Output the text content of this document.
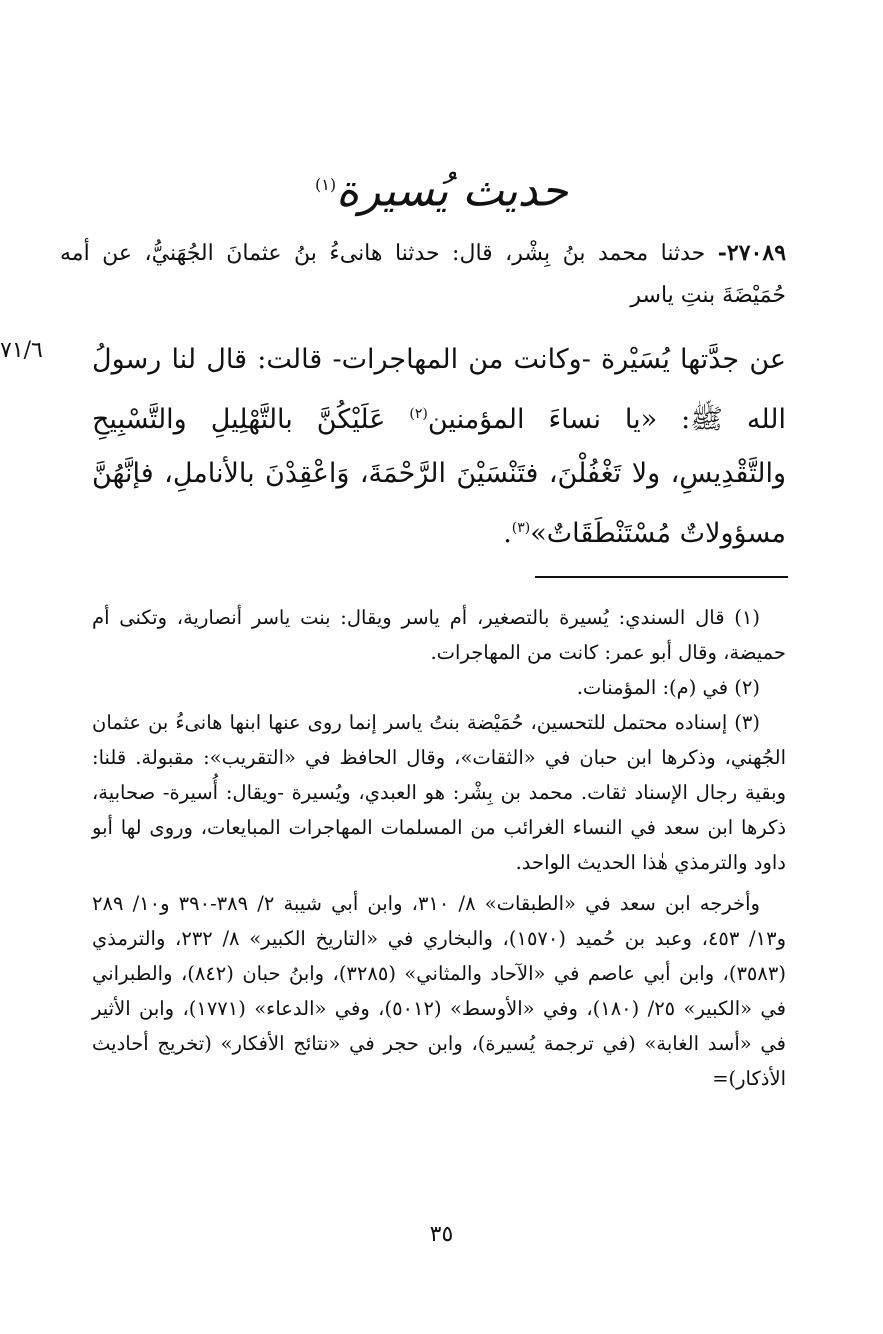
حديث يُسيرة$^{(١)}$

٢٧٠٨٩- حدثنا محمد بنُ بِشْر، قال: حدثنا هانىءُ بنُ عثمانَ الجُهَنيُّ، عن أمه حُمَيْضَةَ بنتِ ياسر

٧١/٦	عن جدَّتها يُسَيْرة -وكانت من المهاجرات- قالت: قال لنا رسولُ الله ﷺ: «يا نساءَ المؤمنين$^{(٢)}$ عَلَيْكُنَّ بالتَّهْلِيلِ والتَّسْبِيحِ والتَّقْدِيسِ، ولا تَغْفُلْنَ، فتَنْسَيْنَ الرَّحْمَةَ، وَاعْقِدْنَ بالأناملِ، فإنَّهُنَّ مسؤولاتٌ مُسْتَنْطَقَاتٌ»$^{(٣)}$.

(١) قال السندي: يُسيرة بالتصغير، أم ياسر ويقال: بنت ياسر أنصارية، وتكنى أم حميضة، وقال أبو عمر: كانت من المهاجرات.

(٢) في (م): المؤمنات.

(٣) إسناده محتمل للتحسين، حُمَيْضة بنتُ ياسر إنما روى عنها ابنها هانىءُ بن عثمان الجُهني، وذكرها ابن حبان في «الثقات»، وقال الحافظ في «التقريب»: مقبولة. قلنا: وبقية رجال الإسناد ثقات. محمد بن بِشْر: هو العبدي، ويُسيرة -ويقال: أُسيرة- صحابية، ذكرها ابن سعد في النساء الغرائب من المسلمات المهاجرات المبايعات، وروى لها أبو داود والترمذي هٰذا الحديث الواحد.

وأخرجه ابن سعد في «الطبقات» ٨/ ٣١٠، وابن أبي شيبة ٢/ ٣٨٩-٣٩٠ و١٠/ ٢٨٩ و١٣/ ٤٥٣، وعبد بن حُميد (١٥٧٠)، والبخاري في «التاريخ الكبير» ٨/ ٢٣٢، والترمذي (٣٥٨٣)، وابن أبي عاصم في «الآحاد والمثاني» (٣٢٨٥)، وابنُ حبان (٨٤٢)، والطبراني في «الكبير» ٢٥/ (١٨٠)، وفي «الأوسط» (٥٠١٢)، وفي «الدعاء» (١٧٧١)، وابن الأثير في «أسد الغابة» (في ترجمة يُسيرة)، وابن حجر في «نتائج الأفكار» (تخريج أحاديث الأذكار)=

٣٥
